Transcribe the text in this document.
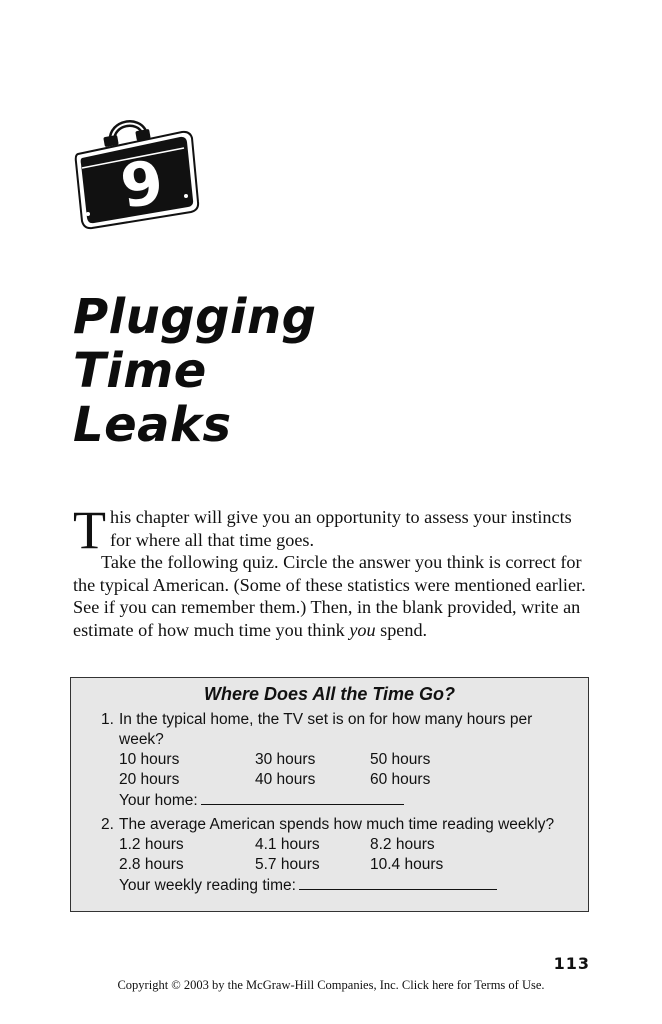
9
Plugging
Time
Leaks

This chapter will give you an opportunity to assess your instincts for where all that time goes.

Take the following quiz. Circle the answer you think is correct for the typical American. (Some of these statistics were mentioned earlier. See if you can remember them.) Then, in the blank provided, write an estimate of how much time you think you spend.

Where Does All the Time Go?
1. In the typical home, the TV set is on for how many hours per week?
10 hours	30 hours	50 hours
20 hours	40 hours	60 hours
Your home:
2. The average American spends how much time reading weekly?
1.2 hours	4.1 hours	8.2 hours
2.8 hours	5.7 hours	10.4 hours
Your weekly reading time:
113
Copyright © 2003 by the McGraw-Hill Companies, Inc. Click here for Terms of Use.
